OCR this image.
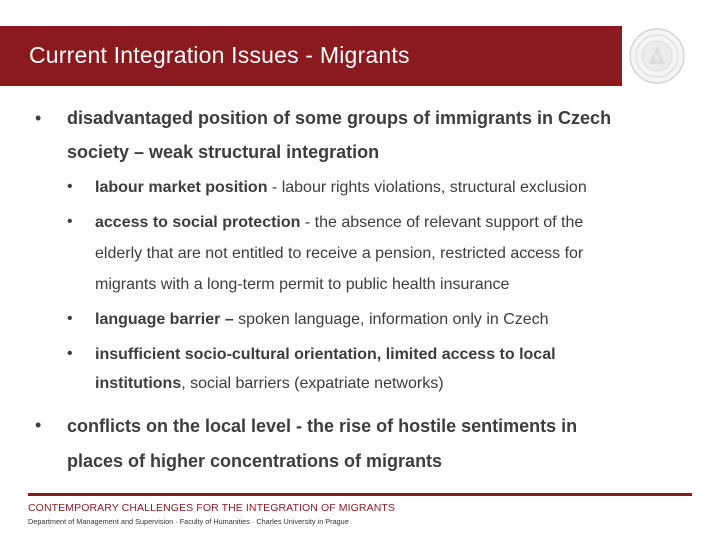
Current Integration Issues - Migrants
• disadvantaged position of some groups of immigrants in Czech
society – weak structural integration
• labour market position - labour rights violations, structural exclusion
• access to social protection - the absence of relevant support of the
elderly that are not entitled to receive a pension, restricted access for
migrants with a long-term permit to public health insurance
• language barrier – spoken language, information only in Czech
• insufficient socio-cultural orientation, limited access to local
institutions, social barriers (expatriate networks)
• conflicts on the local level - the rise of hostile sentiments in
places of higher concentrations of migrants
CONTEMPORARY CHALLENGES FOR THE INTEGRATION OF MIGRANTS
Department of Management and Supervision · Faculty of Humanities · Charles University in Prague
